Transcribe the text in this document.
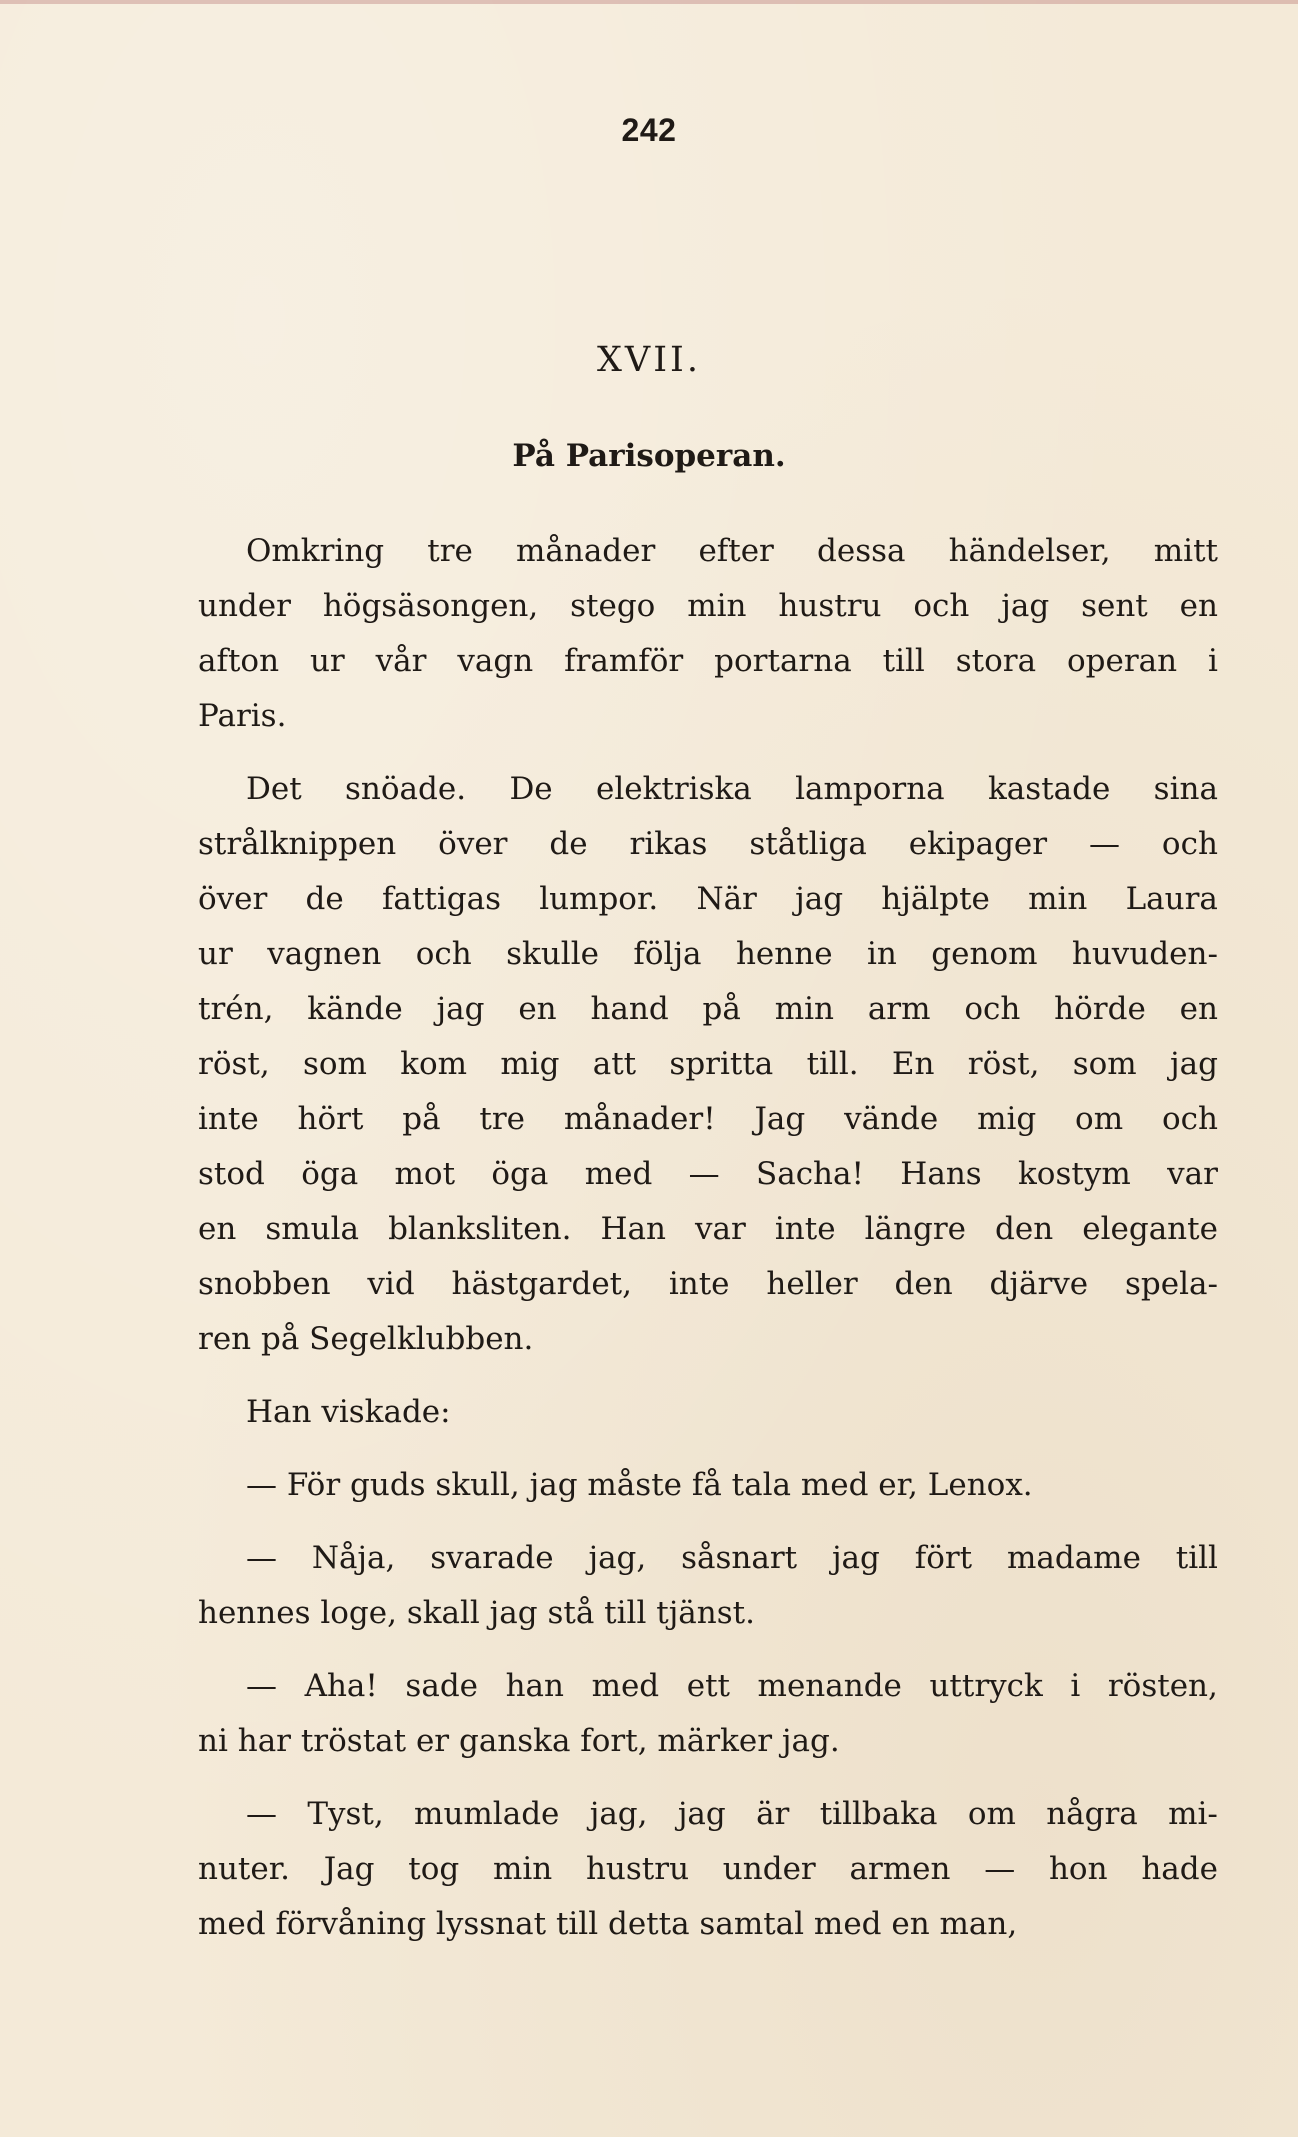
242
XVII.
På Parisoperan.
Omkring tre månader efter dessa händelser, mitt
under högsäsongen, stego min hustru och jag sent en
afton ur vår vagn framför portarna till stora operan i
Paris.
Det snöade. De elektriska lamporna kastade sina
strålknippen över de rikas ståtliga ekipager — och
över de fattigas lumpor. När jag hjälpte min Laura
ur vagnen och skulle följa henne in genom huvuden-
trén, kände jag en hand på min arm och hörde en
röst, som kom mig att spritta till. En röst, som jag
inte hört på tre månader! Jag vände mig om och
stod öga mot öga med — Sacha! Hans kostym var
en smula blanksliten. Han var inte längre den elegante
snobben vid hästgardet, inte heller den djärve spela-
ren på Segelklubben.
Han viskade:
— För guds skull, jag måste få tala med er, Lenox.
— Nåja, svarade jag, såsnart jag fört madame till
hennes loge, skall jag stå till tjänst.
— Aha! sade han med ett menande uttryck i rösten,
ni har tröstat er ganska fort, märker jag.
— Tyst, mumlade jag, jag är tillbaka om några mi-
nuter. Jag tog min hustru under armen — hon hade
med förvåning lyssnat till detta samtal med en man,
